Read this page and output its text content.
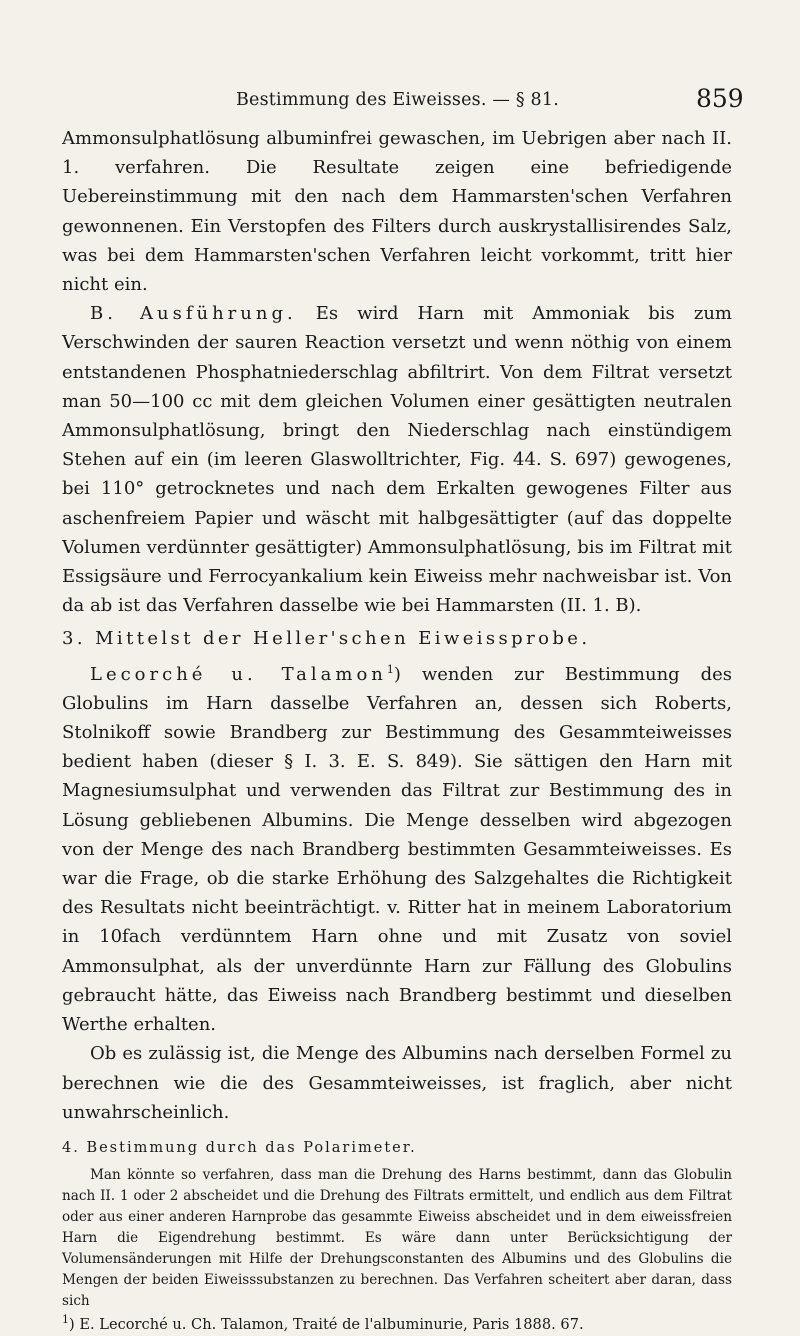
Bestimmung des Eiweisses. — § 81.	859

Ammonsulphatlösung albuminfrei gewaschen, im Uebrigen aber nach II. 1. verfahren. Die Resultate zeigen eine befriedigende Uebereinstimmung mit den nach dem Hammarsten'schen Verfahren gewonnenen. Ein Verstopfen des Filters durch auskrystallisirendes Salz, was bei dem Hammarsten'schen Verfahren leicht vorkommt, tritt hier nicht ein.

B. Ausführung. Es wird Harn mit Ammoniak bis zum Verschwinden der sauren Reaction versetzt und wenn nöthig von einem entstandenen Phosphatniederschlag abfiltrirt. Von dem Filtrat versetzt man 50—100 cc mit dem gleichen Volumen einer gesättigten neutralen Ammonsulphatlösung, bringt den Niederschlag nach einstündigem Stehen auf ein (im leeren Glaswolltrichter, Fig. 44. S. 697) gewogenes, bei 110° getrocknetes und nach dem Erkalten gewogenes Filter aus aschenfreiem Papier und wäscht mit halbgesättigter (auf das doppelte Volumen verdünnter gesättigter) Ammonsulphatlösung, bis im Filtrat mit Essigsäure und Ferrocyankalium kein Eiweiss mehr nachweisbar ist. Von da ab ist das Verfahren dasselbe wie bei Hammarsten (II. 1. B).

3. Mittelst der Heller'schen Eiweissprobe.

Lecorché u. Talamon$^1$) wenden zur Bestimmung des Globulins im Harn dasselbe Verfahren an, dessen sich Roberts, Stolnikoff sowie Brandberg zur Bestimmung des Gesammteiweisses bedient haben (dieser § I. 3. E. S. 849). Sie sättigen den Harn mit Magnesiumsulphat und verwenden das Filtrat zur Bestimmung des in Lösung gebliebenen Albumins. Die Menge desselben wird abgezogen von der Menge des nach Brandberg bestimmten Gesammteiweisses. Es war die Frage, ob die starke Erhöhung des Salzgehaltes die Richtigkeit des Resultats nicht beeinträchtigt. v. Ritter hat in meinem Laboratorium in 10fach verdünntem Harn ohne und mit Zusatz von soviel Ammonsulphat, als der unverdünnte Harn zur Fällung des Globulins gebraucht hätte, das Eiweiss nach Brandberg bestimmt und dieselben Werthe erhalten.

Ob es zulässig ist, die Menge des Albumins nach derselben Formel zu berechnen wie die des Gesammteiweisses, ist fraglich, aber nicht unwahrscheinlich.

4. Bestimmung durch das Polarimeter.

Man könnte so verfahren, dass man die Drehung des Harns bestimmt, dann das Globulin nach II. 1 oder 2 abscheidet und die Drehung des Filtrats ermittelt, und endlich aus dem Filtrat oder aus einer anderen Harnprobe das gesammte Eiweiss abscheidet und in dem eiweissfreien Harn die Eigendrehung bestimmt. Es wäre dann unter Berücksichtigung der Volumensänderungen mit Hilfe der Drehungsconstanten des Albumins und des Globulins die Mengen der beiden Eiweisssubstanzen zu berechnen. Das Verfahren scheitert aber daran, dass sich

$^1$) E. Lecorché u. Ch. Talamon, Traité de l'albuminurie, Paris 1888. 67.
